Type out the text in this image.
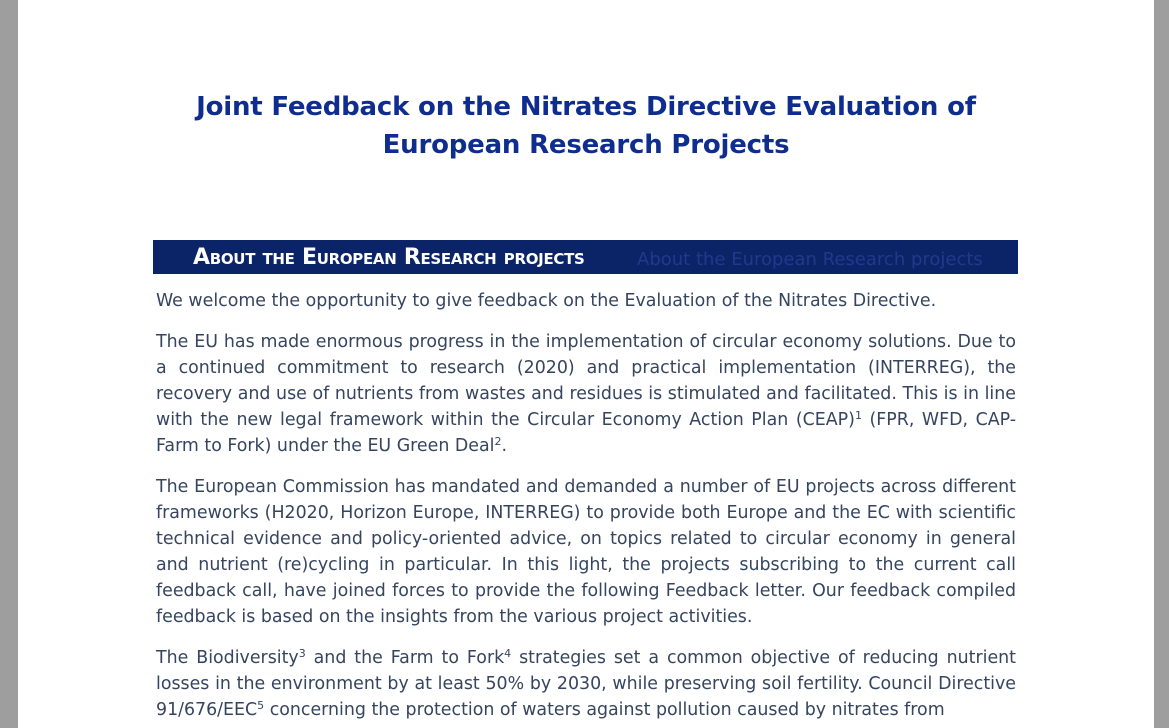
Joint Feedback on the Nitrates Directive Evaluation of European Research Projects
About the European Research projects	About the European Research projects

We welcome the opportunity to give feedback on the Evaluation of the Nitrates Directive.

The EU has made enormous progress in the implementation of circular economy solutions. Due to a continued commitment to research (2020) and practical implementation (INTERREG), the recovery and use of nutrients from wastes and residues is stimulated and facilitated. This is in line with the new legal framework within the Circular Economy Action Plan (CEAP)$^1$ (FPR, WFD, CAP-Farm to Fork) under the EU Green Deal$^2$.

The European Commission has mandated and demanded a number of EU projects across different frameworks (H2020, Horizon Europe, INTERREG) to provide both Europe and the EC with scientific technical evidence and policy-oriented advice, on topics related to circular economy in general and nutrient (re)cycling in particular. In this light, the projects subscribing to the current call feedback call, have joined forces to provide the following Feedback letter. Our feedback compiled feedback is based on the insights from the various project activities.

The Biodiversity$^3$ and the Farm to Fork$^4$ strategies set a common objective of reducing nutrient losses in the environment by at least 50% by 2030, while preserving soil fertility. Council Directive 91/676/EEC$^5$ concerning the protection of waters against pollution caused by nitrates from
